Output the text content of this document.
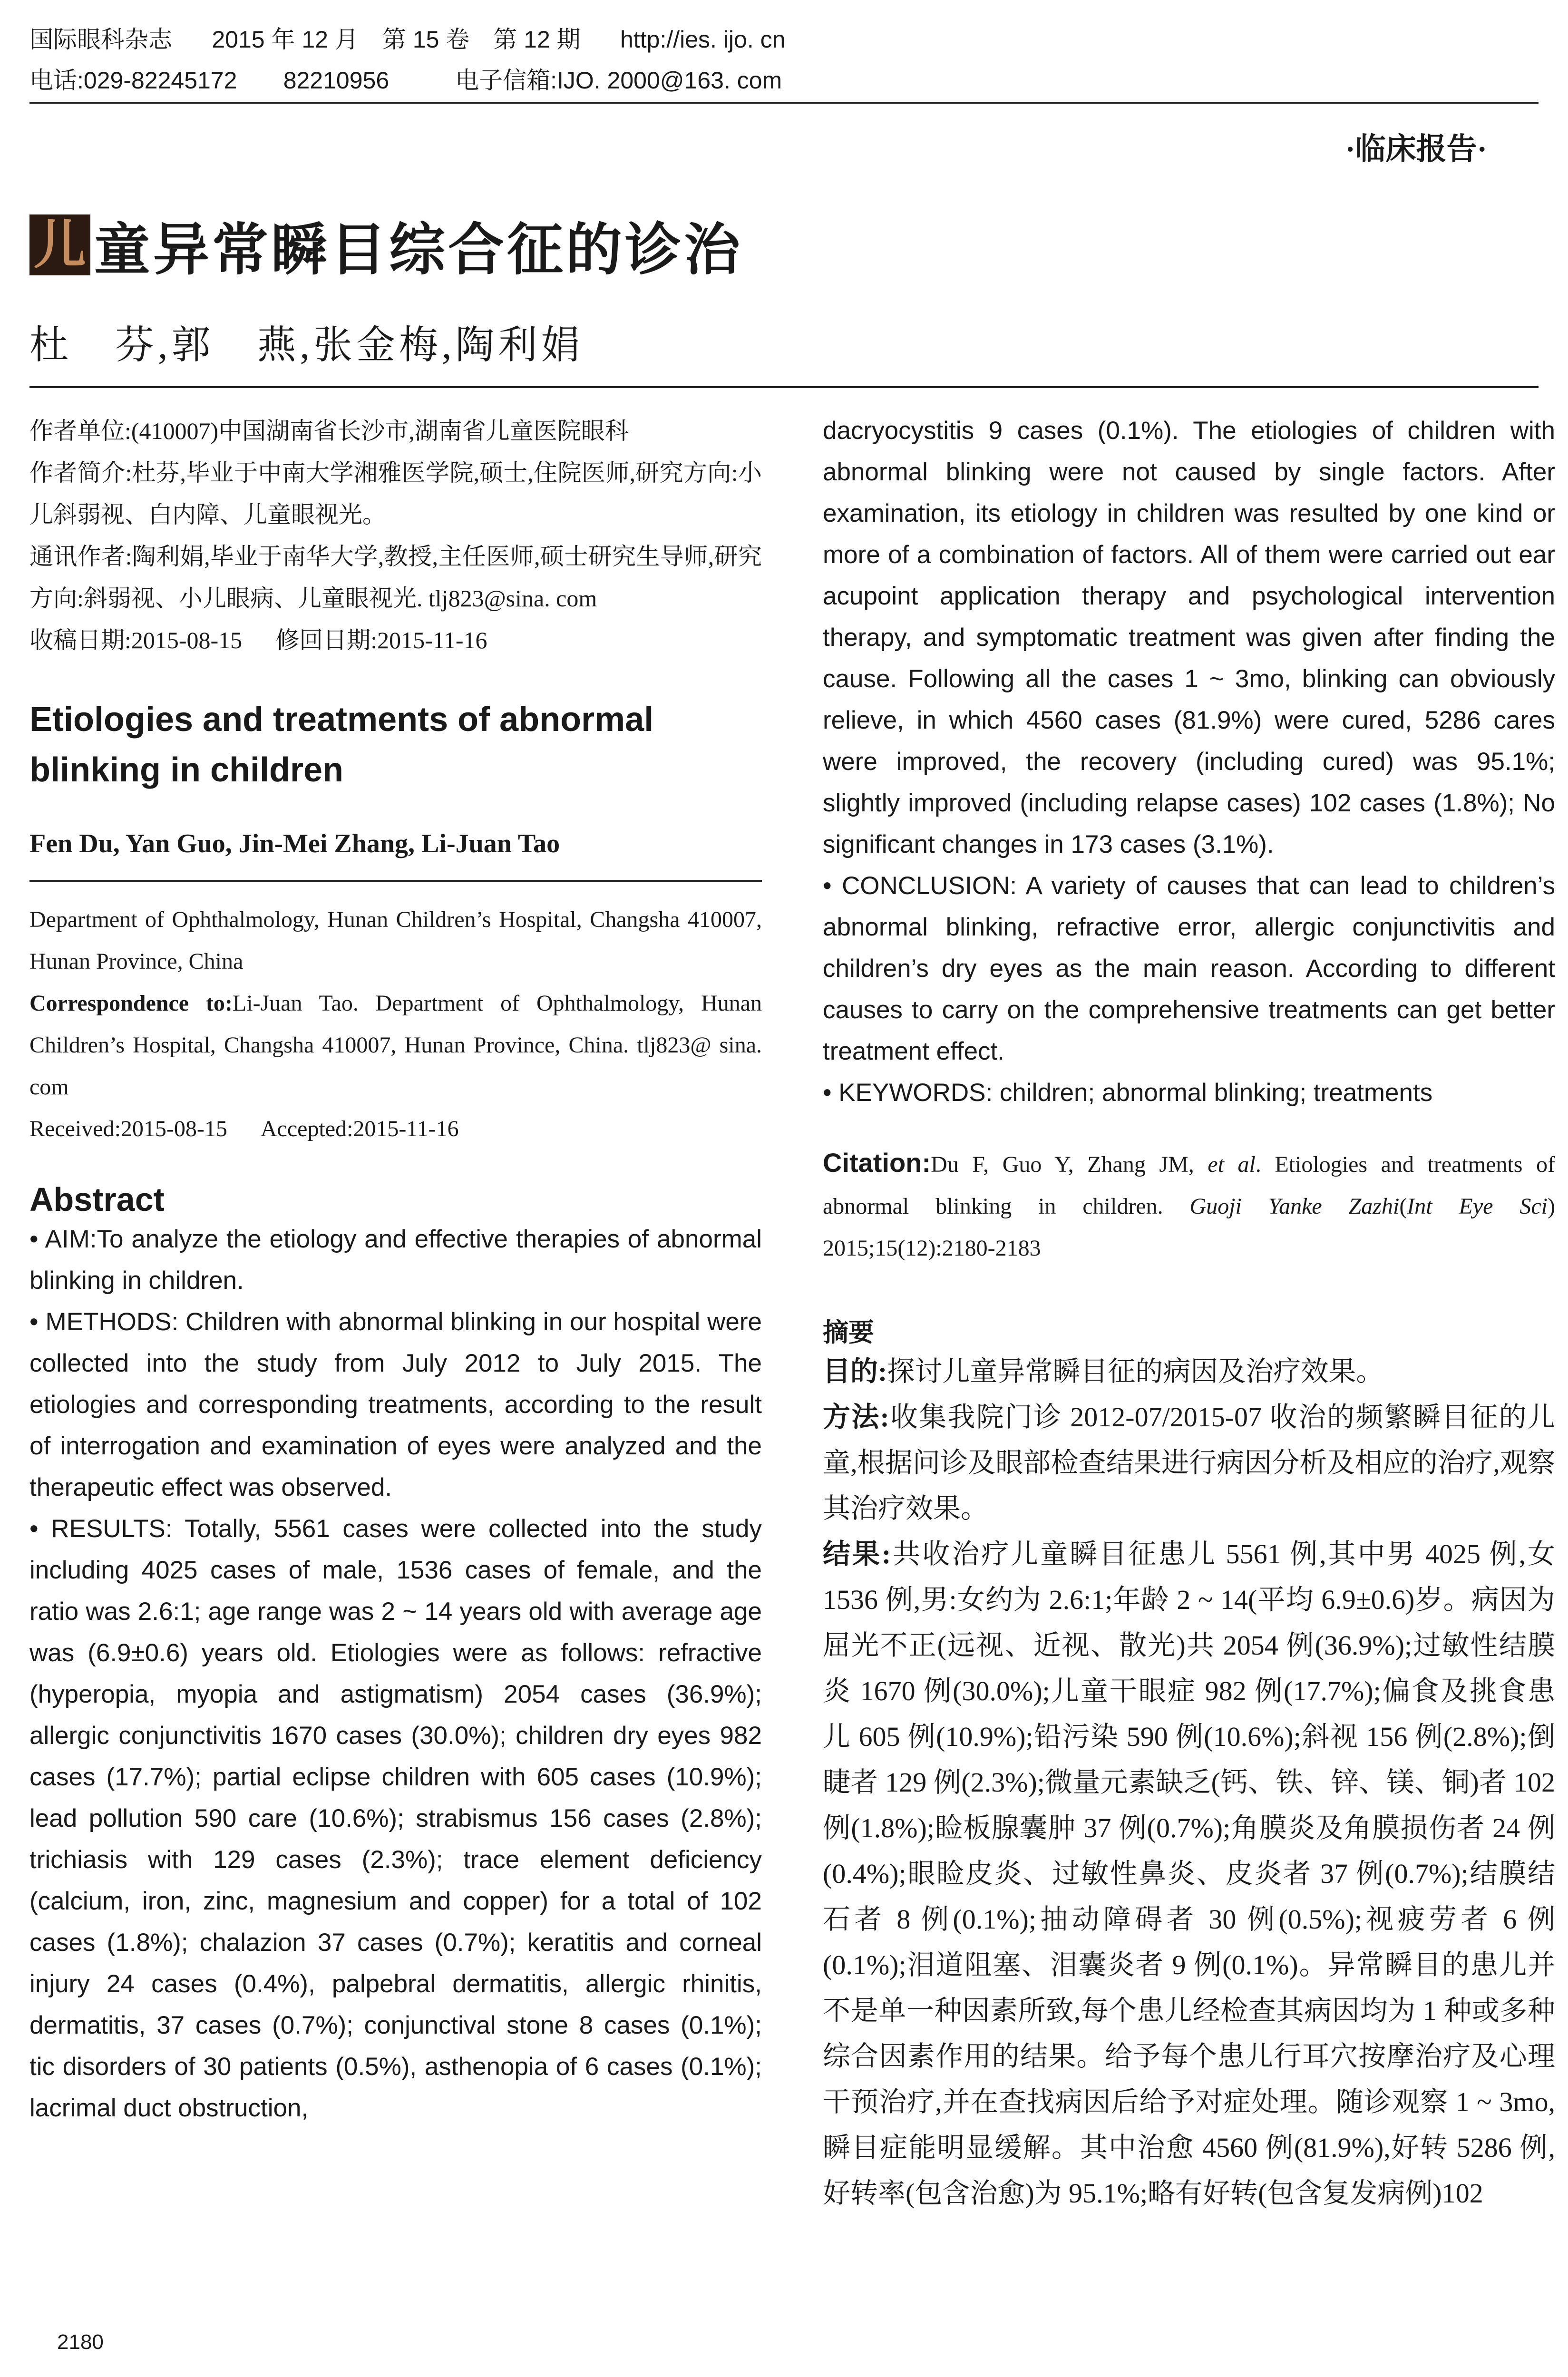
国际眼科杂志 2015 年 12 月　第 15 卷　第 12 期 http://ies. ijo. cn
电话:029-82245172 82210956	电子信箱:IJO. 2000@163. com
·临床报告·
儿 童异常瞬目综合征的诊治
杜　芬,郭　燕,张金梅,陶利娟

作者单位:(410007)中国湖南省长沙市,湖南省儿童医院眼科

作者简介:杜芬,毕业于中南大学湘雅医学院,硕士,住院医师,研究方向:小儿斜弱视、白内障、儿童眼视光。

通讯作者:陶利娟,毕业于南华大学,教授,主任医师,硕士研究生导师,研究方向:斜弱视、小儿眼病、儿童眼视光. tlj823@sina. com

收稿日期:2015-08-15 修回日期:2015-11-16

Etiologies and treatments of abnormal blinking in children

Fen Du, Yan Guo, Jin-Mei Zhang, Li-Juan Tao

Department of Ophthalmology, Hunan Children’s Hospital, Changsha 410007, Hunan Province, China

Correspondence to:Li-Juan Tao. Department of Ophthalmology, Hunan Children’s Hospital, Changsha 410007, Hunan Province, China. tlj823@ sina. com

Received:2015-08-15 Accepted:2015-11-16

Abstract

• AIM:To analyze the etiology and effective therapies of abnormal blinking in children.

• METHODS: Children with abnormal blinking in our hospital were collected into the study from July 2012 to July 2015. The etiologies and corresponding treatments, according to the result of interrogation and examination of eyes were analyzed and the therapeutic effect was observed.

• RESULTS: Totally, 5561 cases were collected into the study including 4025 cases of male, 1536 cases of female, and the ratio was 2.6:1; age range was 2 ~ 14 years old with average age was (6.9±0.6) years old. Etiologies were as follows: refractive (hyperopia, myopia and astigmatism) 2054 cases (36.9%); allergic conjunctivitis 1670 cases (30.0%); children dry eyes 982 cases (17.7%); partial eclipse children with 605 cases (10.9%); lead pollution 590 care (10.6%); strabismus 156 cases (2.8%); trichiasis with 129 cases (2.3%); trace element deficiency (calcium, iron, zinc, magnesium and copper) for a total of 102 cases (1.8%); chalazion 37 cases (0.7%); keratitis and corneal injury 24 cases (0.4%), palpebral dermatitis, allergic rhinitis, dermatitis, 37 cases (0.7%); conjunctival stone 8 cases (0.1%); tic disorders of 30 patients (0.5%), asthenopia of 6 cases (0.1%); lacrimal duct obstruction,

dacryocystitis 9 cases (0.1%). The etiologies of children with abnormal blinking were not caused by single factors. After examination, its etiology in children was resulted by one kind or more of a combination of factors. All of them were carried out ear acupoint application therapy and psychological intervention therapy, and symptomatic treatment was given after finding the cause. Following all the cases 1 ~ 3mo, blinking can obviously relieve, in which 4560 cases (81.9%) were cured, 5286 cares were improved, the recovery (including cured) was 95.1%; slightly improved (including relapse cases) 102 cases (1.8%); No significant changes in 173 cases (3.1%).

• CONCLUSION: A variety of causes that can lead to children’s abnormal blinking, refractive error, allergic conjunctivitis and children’s dry eyes as the main reason. According to different causes to carry on the comprehensive treatments can get better treatment effect.

• KEYWORDS: children; abnormal blinking; treatments

Citation:Du F, Guo Y, Zhang JM, et al. Etiologies and treatments of abnormal blinking in children. Guoji Yanke Zazhi(Int Eye Sci) 2015;15(12):2180-2183

摘要

目的:探讨儿童异常瞬目征的病因及治疗效果。

方法:收集我院门诊 2012-07/2015-07 收治的频繁瞬目征的儿童,根据问诊及眼部检查结果进行病因分析及相应的治疗,观察其治疗效果。

结果:共收治疗儿童瞬目征患儿 5561 例,其中男 4025 例,女 1536 例,男:女约为 2.6:1;年龄 2 ~ 14(平均 6.9±0.6)岁。病因为屈光不正(远视、近视、散光)共 2054 例(36.9%);过敏性结膜炎 1670 例(30.0%);儿童干眼症 982 例(17.7%);偏食及挑食患儿 605 例(10.9%);铅污染 590 例(10.6%);斜视 156 例(2.8%);倒睫者 129 例(2.3%);微量元素缺乏(钙、铁、锌、镁、铜)者 102 例(1.8%);睑板腺囊肿 37 例(0.7%);角膜炎及角膜损伤者 24 例(0.4%);眼睑皮炎、过敏性鼻炎、皮炎者 37 例(0.7%);结膜结石者 8 例(0.1%);抽动障碍者 30 例(0.5%);视疲劳者 6 例(0.1%);泪道阻塞、泪囊炎者 9 例(0.1%)。异常瞬目的患儿并不是单一种因素所致,每个患儿经检查其病因均为 1 种或多种综合因素作用的结果。给予每个患儿行耳穴按摩治疗及心理干预治疗,并在查找病因后给予对症处理。随诊观察 1 ~ 3mo,瞬目症能明显缓解。其中治愈 4560 例(81.9%),好转 5286 例,好转率(包含治愈)为 95.1%;略有好转(包含复发病例)102

2180
